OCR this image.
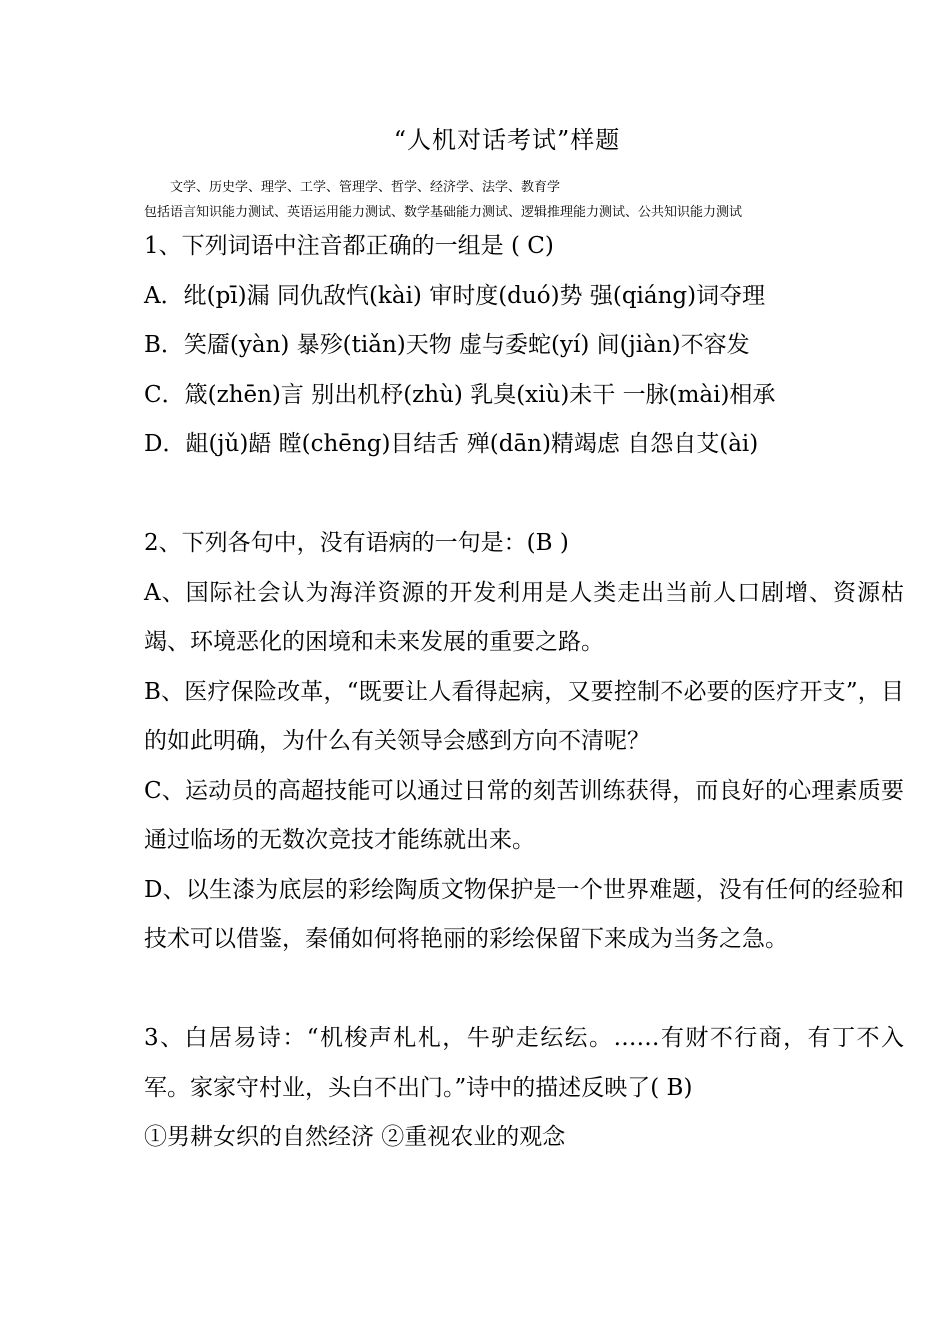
“人机对话考试”样题
文学、历史学、理学、工学、管理学、哲学、经济学、法学、教育学
包括语言知识能力测试、英语运用能力测试、数学基础能力测试、逻辑推理能力测试、公共知识能力测试
1、下列词语中注音都正确的一组是 ( C)
A．纰(pī)漏 同仇敌忾(kài) 审时度(duó)势 强(qiáng)词夺理
B．笑靥(yàn) 暴殄(tiǎn)天物 虚与委蛇(yí) 间(jiàn)不容发
C．箴(zhēn)言 别出机杼(zhù) 乳臭(xiù)未干 一脉(mài)相承
D．龃(jǔ)龉 瞠(chēng)目结舌 殚(dān)精竭虑 自怨自艾(ài)
2、下列各句中，没有语病的一句是：(B )
A、国际社会认为海洋资源的开发利用是人类走出当前人口剧增、资源枯竭、环境恶化的困境和未来发展的重要之路。
B、医疗保险改革，“既要让人看得起病，又要控制不必要的医疗开支”，目的如此明确，为什么有关领导会感到方向不清呢？
C、运动员的高超技能可以通过日常的刻苦训练获得，而良好的心理素质要通过临场的无数次竞技才能练就出来。
D、以生漆为底层的彩绘陶质文物保护是一个世界难题，没有任何的经验和技术可以借鉴，秦俑如何将艳丽的彩绘保留下来成为当务之急。
3、白居易诗：“机梭声札札，牛驴走纭纭。……有财不行商，有丁不入军。家家守村业，头白不出门。”诗中的描述反映了( B)
①男耕女织的自然经济 ②重视农业的观念
